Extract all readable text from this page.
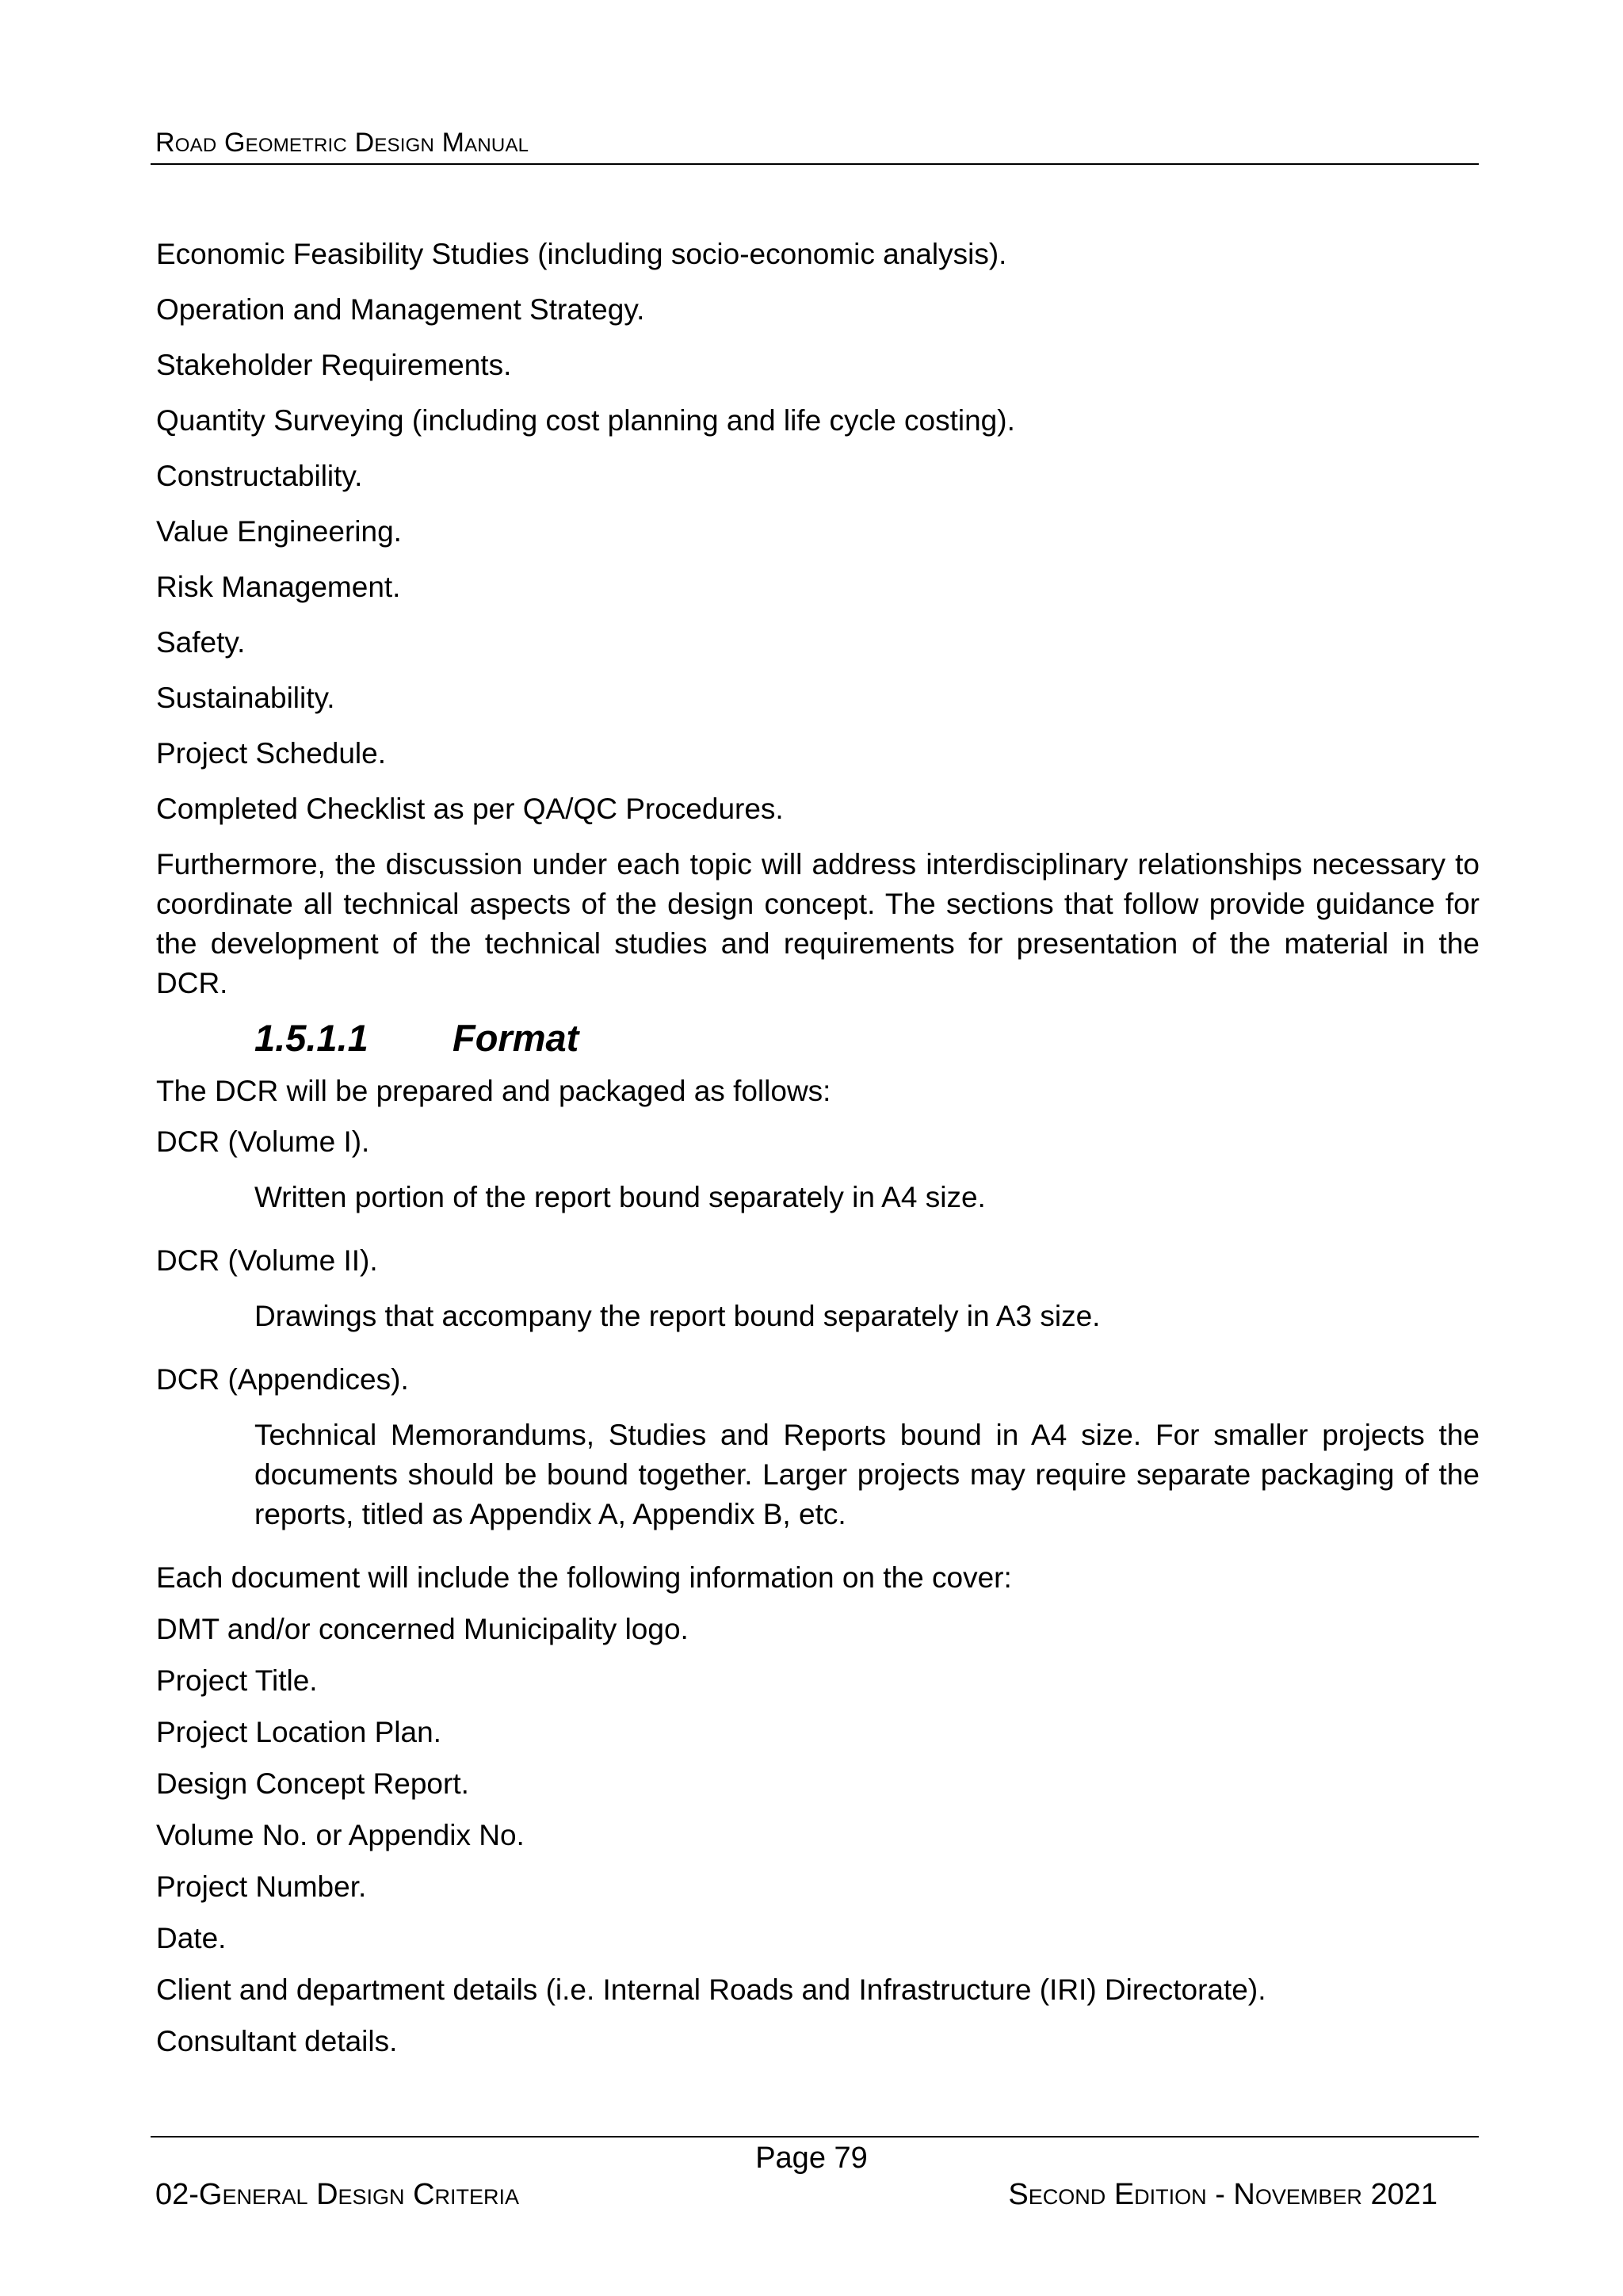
Road Geometric Design Manual

Economic Feasibility Studies (including socio-economic analysis).

Operation and Management Strategy.

Stakeholder Requirements.

Quantity Surveying (including cost planning and life cycle costing).

Constructability.

Value Engineering.

Risk Management.

Safety.

Sustainability.

Project Schedule.

Completed Checklist as per QA/QC Procedures.

Furthermore, the discussion under each topic will address interdisciplinary relationships necessary to coordinate all technical aspects of the design concept. The sections that follow provide guidance for the development of the technical studies and requirements for presentation of the material in the DCR.

1.5.1.1 Format

The DCR will be prepared and packaged as follows:

DCR (Volume I).

Written portion of the report bound separately in A4 size.

DCR (Volume II).

Drawings that accompany the report bound separately in A3 size.

DCR (Appendices).

Technical Memorandums, Studies and Reports bound in A4 size. For smaller projects the documents should be bound together. Larger projects may require separate packaging of the reports, titled as Appendix A, Appendix B, etc.

Each document will include the following information on the cover:

DMT and/or concerned Municipality logo.

Project Title.

Project Location Plan.

Design Concept Report.

Volume No. or Appendix No.

Project Number.

Date.

Client and department details (i.e. Internal Roads and Infrastructure (IRI) Directorate).

Consultant details.

Page 79
02-General Design Criteria	Second Edition - November 2021
